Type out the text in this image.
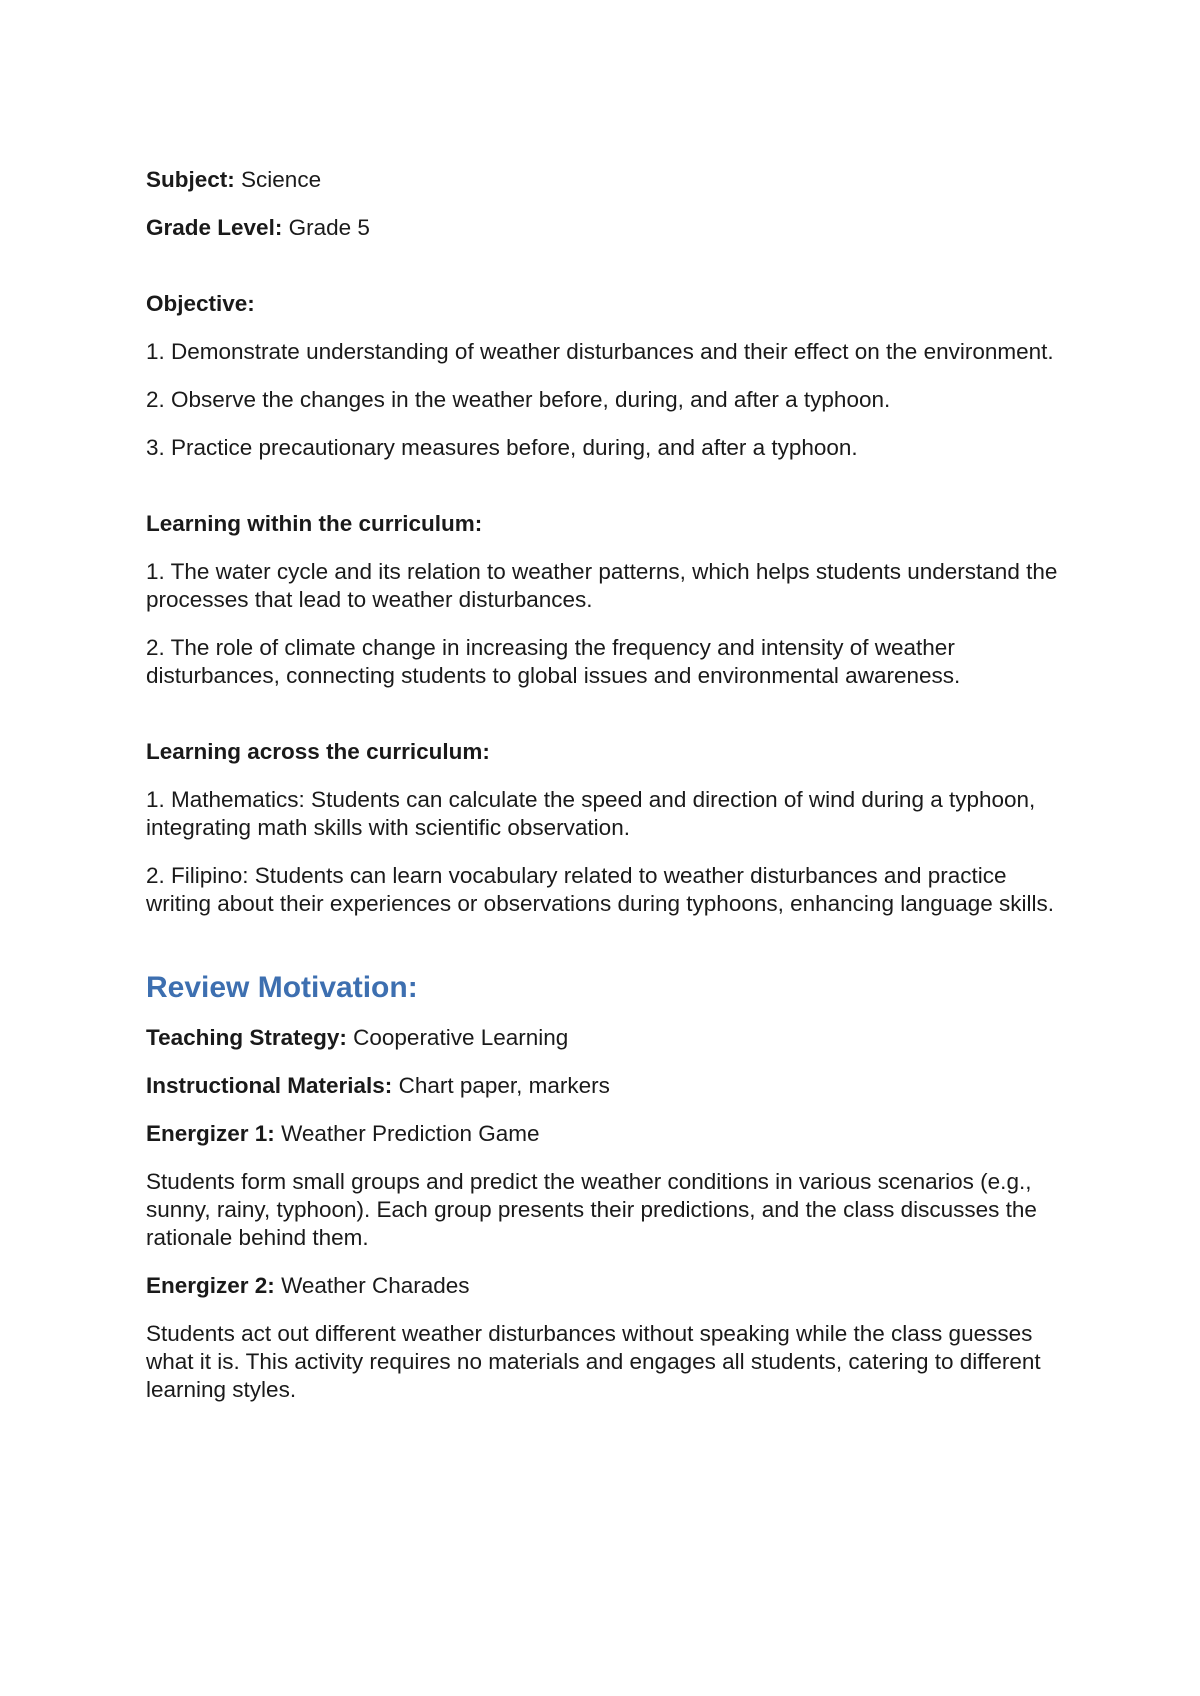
Subject: Science

Grade Level: Grade 5

Objective:

1. Demonstrate understanding of weather disturbances and their effect on the environment.

2. Observe the changes in the weather before, during, and after a typhoon.

3. Practice precautionary measures before, during, and after a typhoon.

Learning within the curriculum:

1. The water cycle and its relation to weather patterns, which helps students understand the processes that lead to weather disturbances.

2. The role of climate change in increasing the frequency and intensity of weather disturbances, connecting students to global issues and environmental awareness.

Learning across the curriculum:

1. Mathematics: Students can calculate the speed and direction of wind during a typhoon, integrating math skills with scientific observation.

2. Filipino: Students can learn vocabulary related to weather disturbances and practice writing about their experiences or observations during typhoons, enhancing language skills.

Review Motivation:

Teaching Strategy: Cooperative Learning

Instructional Materials: Chart paper, markers

Energizer 1: Weather Prediction Game

Students form small groups and predict the weather conditions in various scenarios (e.g., sunny, rainy, typhoon). Each group presents their predictions, and the class discusses the rationale behind them.

Energizer 2: Weather Charades

Students act out different weather disturbances without speaking while the class guesses what it is. This activity requires no materials and engages all students, catering to different learning styles.
